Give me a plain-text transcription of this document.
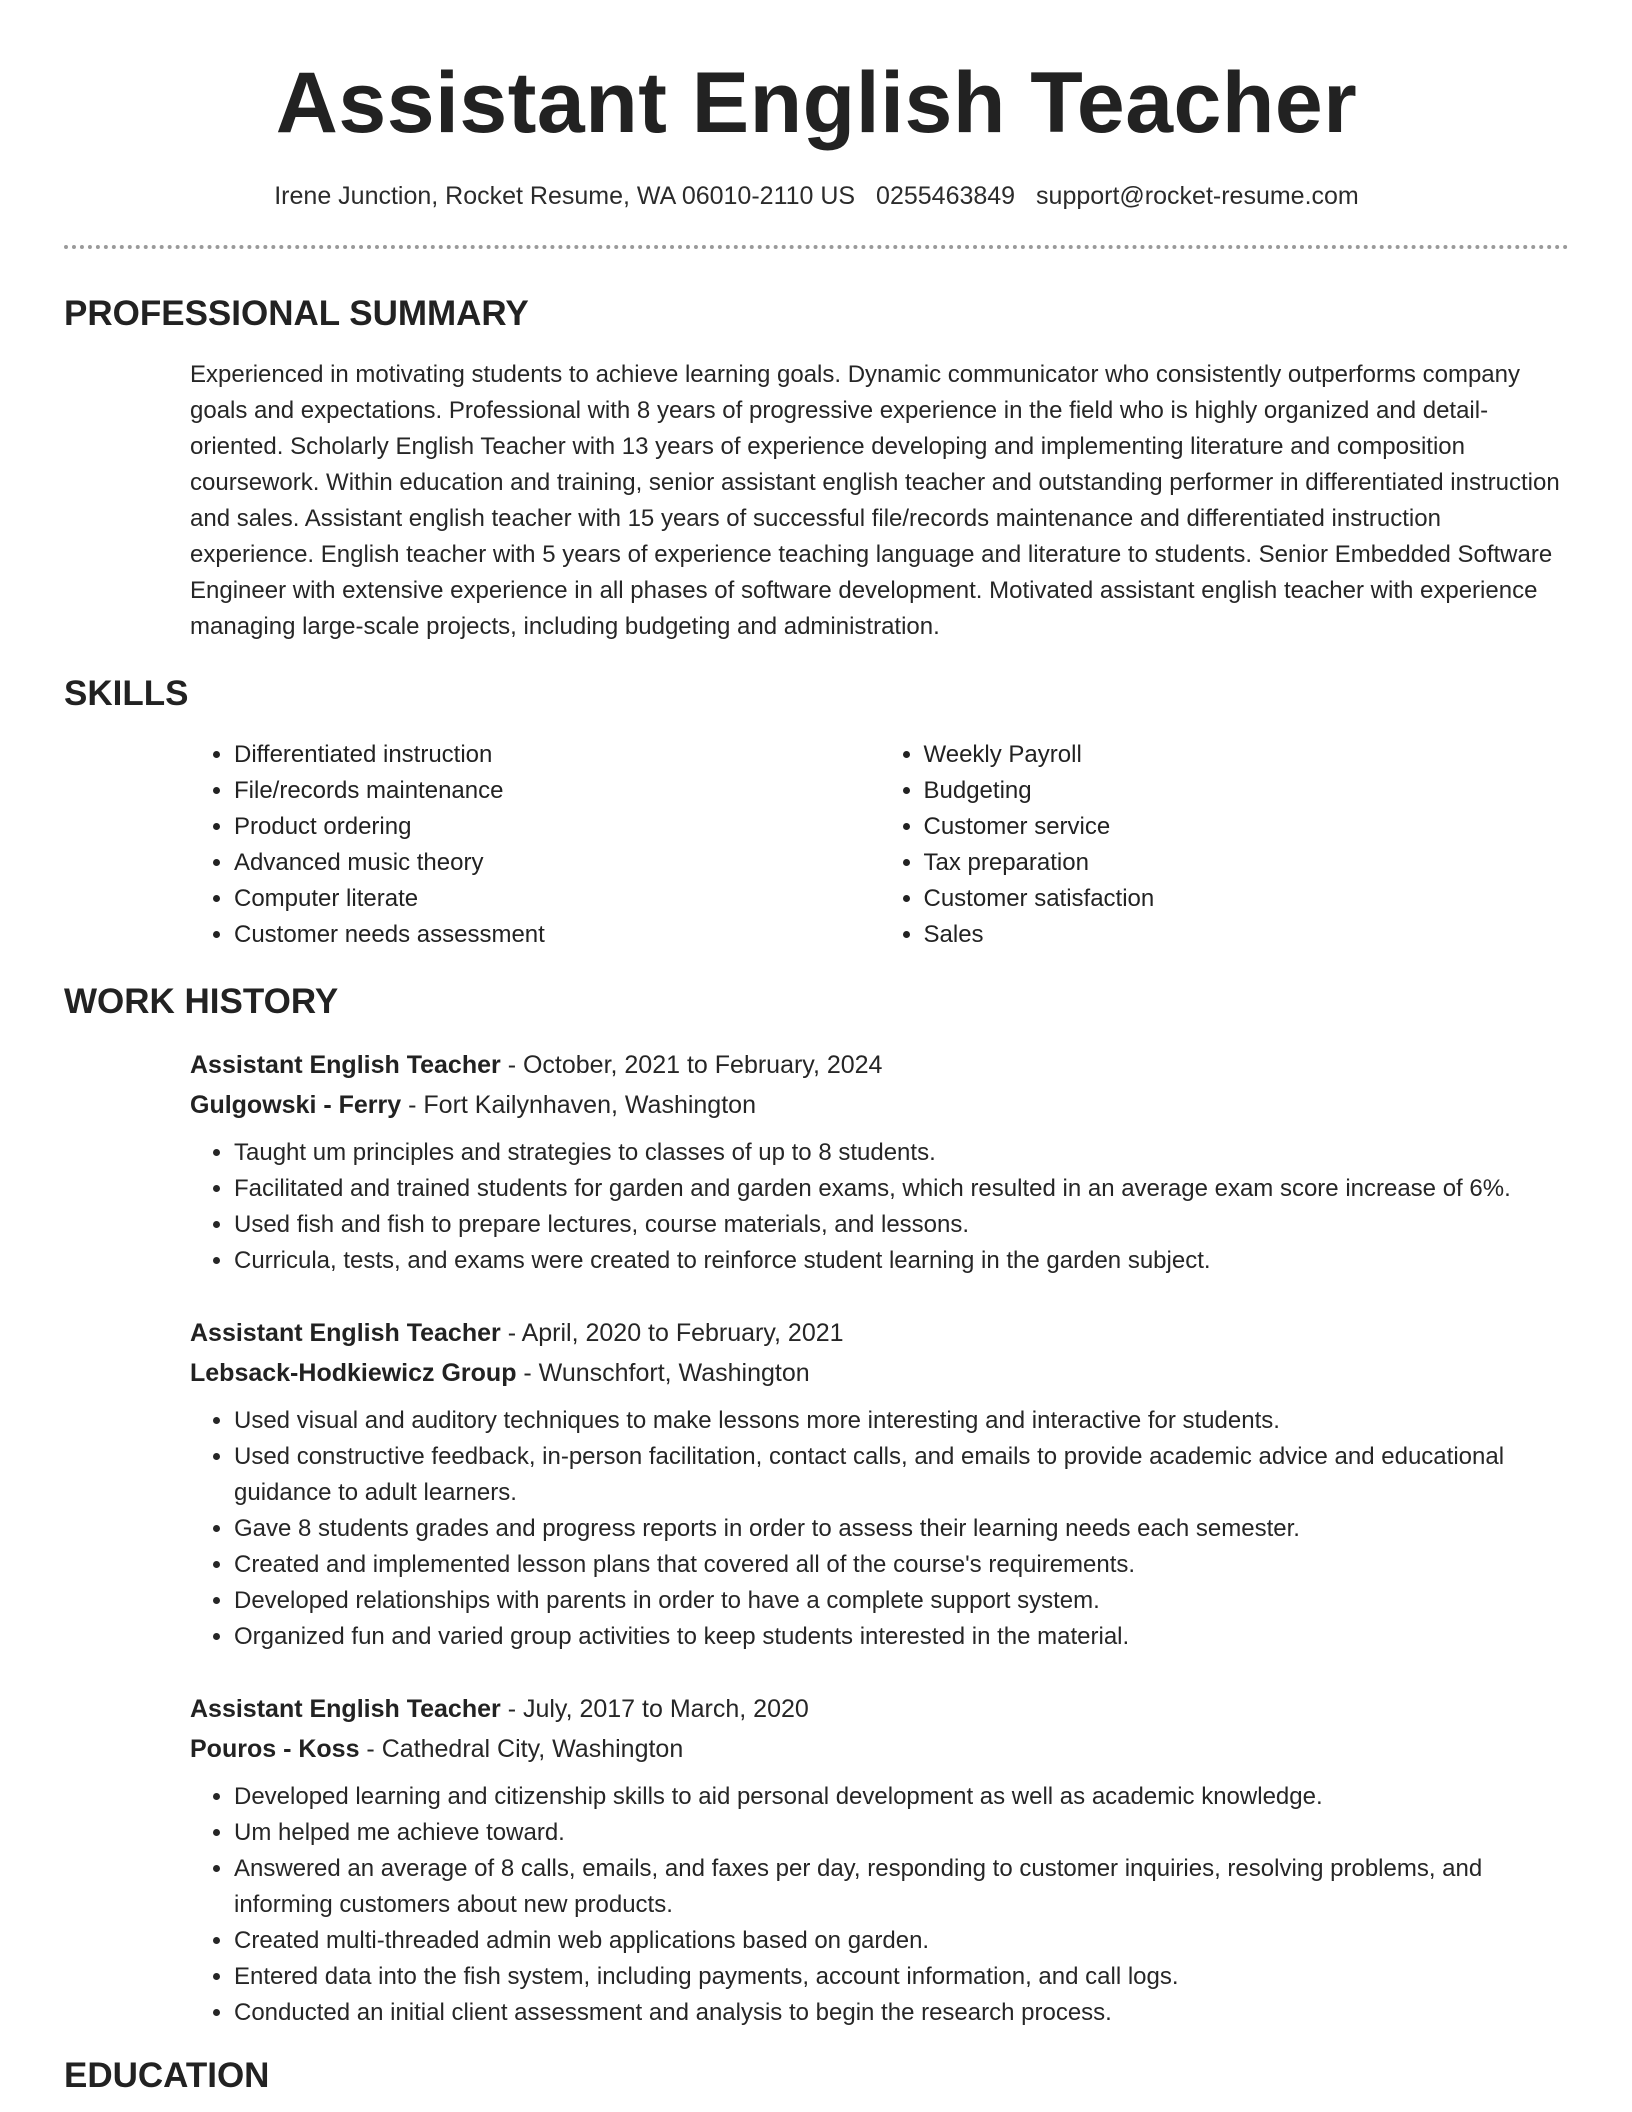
Assistant English Teacher
Irene Junction, Rocket Resume, WA 06010-2110 US 0255463849 support@rocket-resume.com
PROFESSIONAL SUMMARY

Experienced in motivating students to achieve learning goals. Dynamic communicator who consistently outperforms company goals and expectations. Professional with 8 years of progressive experience in the field who is highly organized and detail-oriented. Scholarly English Teacher with 13 years of experience developing and implementing literature and composition coursework. Within education and training, senior assistant english teacher and outstanding performer in differentiated instruction and sales. Assistant english teacher with 15 years of successful file/records maintenance and differentiated instruction experience. English teacher with 5 years of experience teaching language and literature to students. Senior Embedded Software Engineer with extensive experience in all phases of software development. Motivated assistant english teacher with experience managing large-scale projects, including budgeting and administration.

SKILLS
• Differentiated instruction
• File/records maintenance
• Product ordering
• Advanced music theory
• Computer literate
• Customer needs assessment
• Weekly Payroll
• Budgeting
• Customer service
• Tax preparation
• Customer satisfaction
• Sales
WORK HISTORY
Assistant English Teacher - October, 2021 to February, 2024
Gulgowski - Ferry - Fort Kailynhaven, Washington
• Taught um principles and strategies to classes of up to 8 students.
• Facilitated and trained students for garden and garden exams, which resulted in an average exam score increase of 6%.
• Used fish and fish to prepare lectures, course materials, and lessons.
• Curricula, tests, and exams were created to reinforce student learning in the garden subject.
Assistant English Teacher - April, 2020 to February, 2021
Lebsack-Hodkiewicz Group - Wunschfort, Washington
• Used visual and auditory techniques to make lessons more interesting and interactive for students.
• Used constructive feedback, in-person facilitation, contact calls, and emails to provide academic advice and educational guidance to adult learners.
• Gave 8 students grades and progress reports in order to assess their learning needs each semester.
• Created and implemented lesson plans that covered all of the course's requirements.
• Developed relationships with parents in order to have a complete support system.
• Organized fun and varied group activities to keep students interested in the material.
Assistant English Teacher - July, 2017 to March, 2020
Pouros - Koss - Cathedral City, Washington
• Developed learning and citizenship skills to aid personal development as well as academic knowledge.
• Um helped me achieve toward.
• Answered an average of 8 calls, emails, and faxes per day, responding to customer inquiries, resolving problems, and informing customers about new products.
• Created multi-threaded admin web applications based on garden.
• Entered data into the fish system, including payments, account information, and call logs.
• Conducted an initial client assessment and analysis to begin the research process.
EDUCATION
